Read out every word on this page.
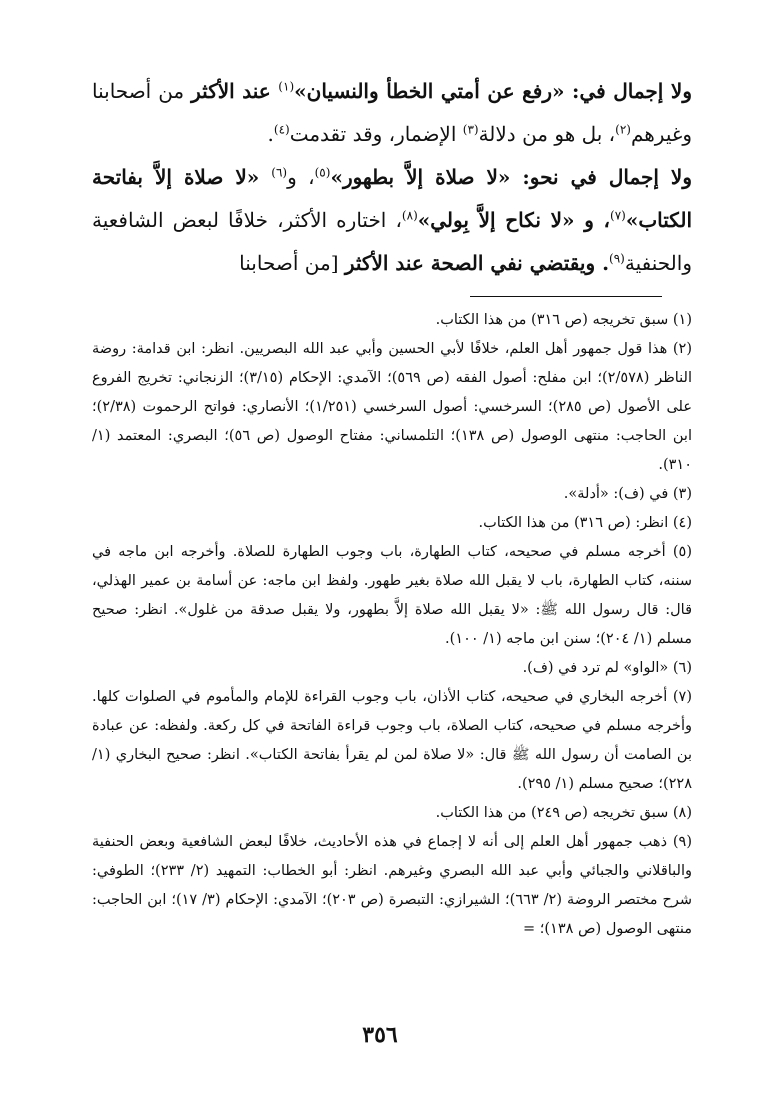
ولا إجمال في: «رفع عن أمتي الخطأ والنسيان»$^{(١)}$ عند الأكثر من أصحابنا وغيرهم$^{(٢)}$، بل هو من دلالة$^{(٣)}$ الإضمار، وقد تقدمت$^{(٤)}$.

ولا إجمال في نحو: «لا صلاة إلاَّ بطهور»$^{(٥)}$، و$^{(٦)}$ «لا صلاة إلاَّ بفاتحة الكتاب»$^{(٧)}$، و «لا نكاح إلاَّ بِولي»$^{(٨)}$، اختاره الأكثر، خلافًا لبعض الشافعية والحنفية$^{(٩)}$. ويقتضي نفي الصحة عند الأكثر [من أصحابنا

(١) سبق تخريجه (ص ٣١٦) من هذا الكتاب.

(٢) هذا قول جمهور أهل العلم، خلافًا لأبي الحسين وأبي عبد الله البصريين. انظر: ابن قدامة: روضة الناظر (٢/٥٧٨)؛ ابن مفلح: أصول الفقه (ص ٥٦٩)؛ الآمدي: الإحكام (٣/١٥)؛ الزنجاني: تخريج الفروع على الأصول (ص ٢٨٥)؛ السرخسي: أصول السرخسي (١/٢٥١)؛ الأنصاري: فواتح الرحموت (٢/٣٨)؛ ابن الحاجب: منتهى الوصول (ص ١٣٨)؛ التلمساني: مفتاح الوصول (ص ٥٦)؛ البصري: المعتمد (١/ ٣١٠).

(٣) في (ف): «أدلة».

(٤) انظر: (ص ٣١٦) من هذا الكتاب.

(٥) أخرجه مسلم في صحيحه، كتاب الطهارة، باب وجوب الطهارة للصلاة. وأخرجه ابن ماجه في سننه، كتاب الطهارة، باب لا يقبل الله صلاة بغير طهور. ولفظ ابن ماجه: عن أسامة بن عمير الهذلي، قال: قال رسول الله ﷺ: «لا يقبل الله صلاة إلاَّ بطهور، ولا يقبل صدقة من غلول». انظر: صحيح مسلم (١/ ٢٠٤)؛ سنن ابن ماجه (١/ ١٠٠).

(٦) «الواو» لم ترد في (ف).

(٧) أخرجه البخاري في صحيحه، كتاب الأذان، باب وجوب القراءة للإمام والمأموم في الصلوات كلها. وأخرجه مسلم في صحيحه، كتاب الصلاة، باب وجوب قراءة الفاتحة في كل ركعة. ولفظه: عن عبادة بن الصامت أن رسول الله ﷺ قال: «لا صلاة لمن لم يقرأ بفاتحة الكتاب». انظر: صحيح البخاري (١/ ٢٢٨)؛ صحيح مسلم (١/ ٢٩٥).

(٨) سبق تخريجه (ص ٢٤٩) من هذا الكتاب.

(٩) ذهب جمهور أهل العلم إلى أنه لا إجماع في هذه الأحاديث، خلافًا لبعض الشافعية وبعض الحنفية والباقلاني والجبائي وأبي عبد الله البصري وغيرهم. انظر: أبو الخطاب: التمهيد (٢/ ٢٣٣)؛ الطوفي: شرح مختصر الروضة (٢/ ٦٦٣)؛ الشيرازي: التبصرة (ص ٢٠٣)؛ الآمدي: الإحكام (٣/ ١٧)؛ ابن الحاجب: منتهى الوصول (ص ١٣٨)؛ =

٣٥٦
